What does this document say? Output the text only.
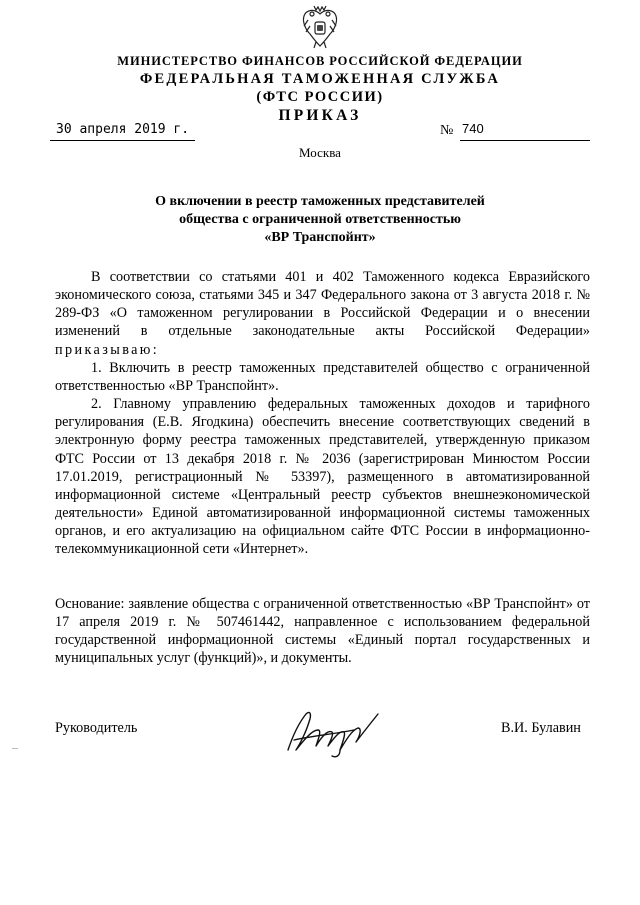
МИНИСТЕРСТВО ФИНАНСОВ РОССИЙСКОЙ ФЕДЕРАЦИИ
ФЕДЕРАЛЬНАЯ ТАМОЖЕННАЯ СЛУЖБА
(ФТС РОССИИ)
ПРИКАЗ
30 апреля 2019 г.	№ 740
Москва
О включении в реестр таможенных представителей
общества с ограниченной ответственностью
«ВР Транспойнт»

В соответствии со статьями 401 и 402 Таможенного кодекса Евразийского экономического союза, статьями 345 и 347 Федерального закона от 3 августа 2018 г. № 289-ФЗ «О таможенном регулировании в Российской Федерации и о внесении изменений в отдельные законодательные акты Российской Федерации» приказываю:

1. Включить в реестр таможенных представителей общество с ограниченной ответственностью «ВР Транспойнт».

2. Главному управлению федеральных таможенных доходов и тарифного регулирования (Е.В. Ягодкина) обеспечить внесение соответствующих сведений в электронную форму реестра таможенных представителей, утвержденную приказом ФТС России от 13 декабря 2018 г. № 2036 (зарегистрирован Минюстом России 17.01.2019, регистрационный № 53397), размещенного в автоматизированной информационной системе «Центральный реестр субъектов внешнеэкономической деятельности» Единой автоматизированной информационной системы таможенных органов, и его актуализацию на официальном сайте ФТС России в информационно-телекоммуникационной сети «Интернет».

Основание: заявление общества с ограниченной ответственностью «ВР Транспойнт» от 17 апреля 2019 г. № 507461442, направленное с использованием федеральной государственной информационной системы «Единый портал государственных и муниципальных услуг (функций)», и документы.
Руководитель	В.И. Булавин
